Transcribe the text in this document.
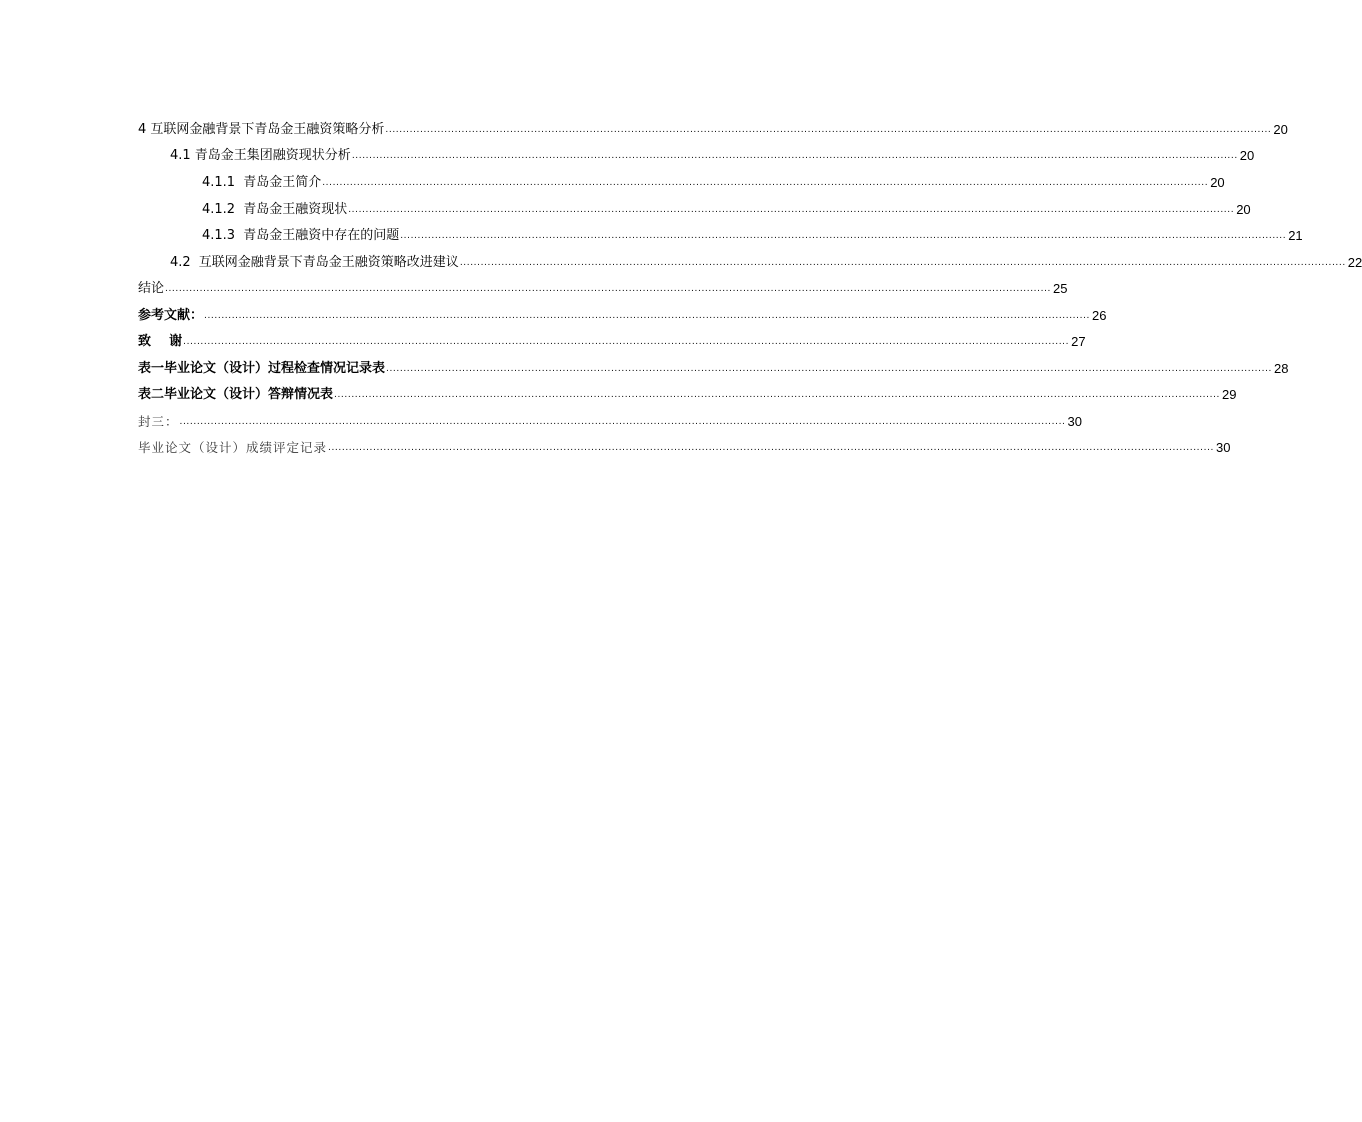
4 互联网金融背景下青岛金王融资策略分析 ................................................................................................................................................................................................................................................................ 20
4.1 青岛金王集团融资现状分析 ................................................................................................................................................................................................................................................................ 20
4.1.1 青岛金王简介 ................................................................................................................................................................................................................................................................ 20
4.1.2 青岛金王融资现状 ................................................................................................................................................................................................................................................................ 20
4.1.3 青岛金王融资中存在的问题 ................................................................................................................................................................................................................................................................ 21
4.2 互联网金融背景下青岛金王融资策略改进建议 ................................................................................................................................................................................................................................................................ 22
结论 ................................................................................................................................................................................................................................................................ 25
参考文献： ................................................................................................................................................................................................................................................................ 26
致    谢 ................................................................................................................................................................................................................................................................ 27
表一毕业论文（设计）过程检查情况记录表 ................................................................................................................................................................................................................................................................ 28
表二毕业论文（设计）答辩情况表 ................................................................................................................................................................................................................................................................ 29
封三： ................................................................................................................................................................................................................................................................ 30
毕业论文（设计）成绩评定记录 ................................................................................................................................................................................................................................................................ 30
